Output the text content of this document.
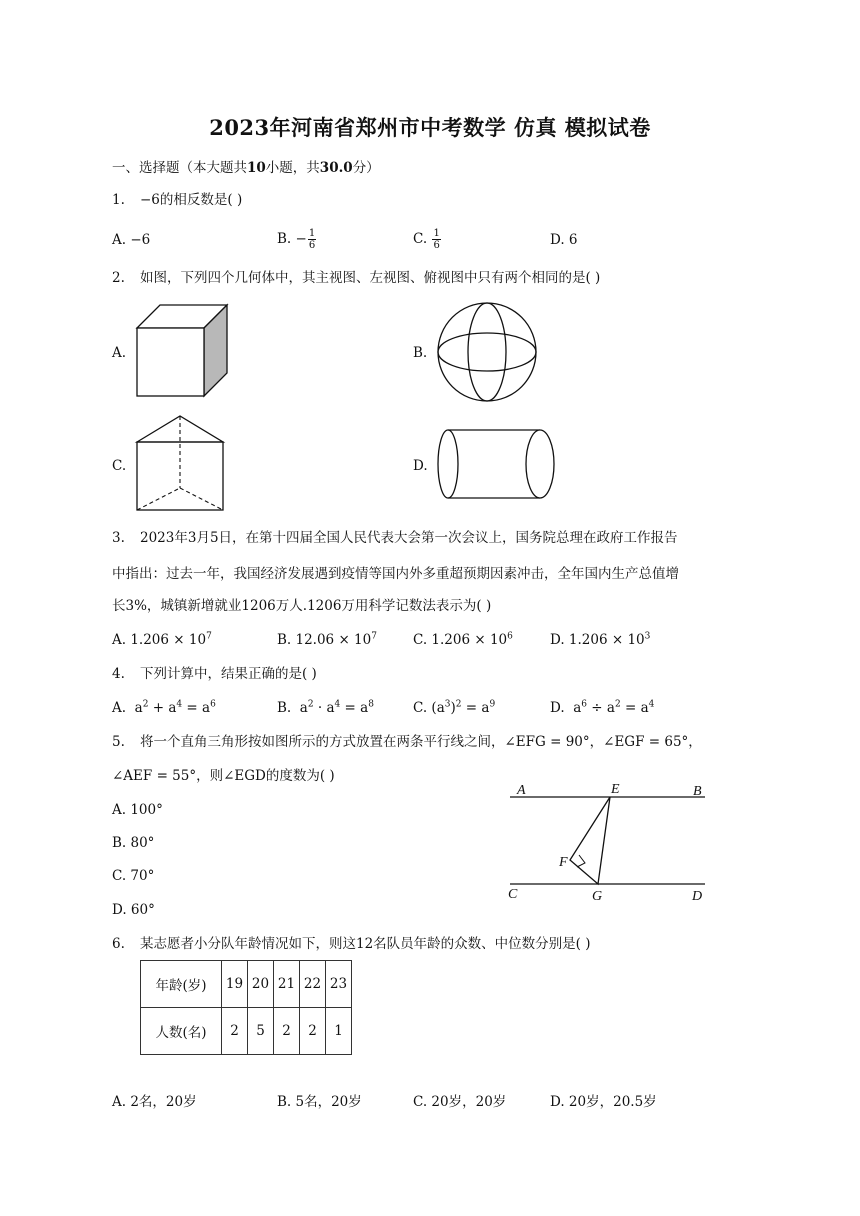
2023年河南省郑州市中考数学 仿真 模拟试卷
一、选择题（本大题共10小题，共30.0分）
1. −6的相反数是( )
A. −6	B. − $\frac{1}{6}$	C. $\frac{1}{6}$	D. 6
2. 如图，下列四个几何体中，其主视图、左视图、俯视图中只有两个相同的是( )
A.	B.
C.	D.
3. 2023年3月5日，在第十四届全国人民代表大会第一次会议上，国务院总理在政府工作报告
中指出：过去一年，我国经济发展遇到疫情等国内外多重超预期因素冲击，全年国内生产总值增
长3%，城镇新增就业1206万人.1206万用科学记数法表示为( )
A. $1.206 \times 10^7$	B. $12.06 \times 10^7$	C. $1.206 \times 10^6$	D. $1.206 \times 10^3$
4. 下列计算中，结果正确的是( )
A.  $a^2 + a^4 = a^6$	B.  $a^2 \cdot a^4 = a^8$	C. $(a^3)^2 = a^9$	D.  $a^6 \div a^2 = a^4$
5. 将一个直角三角形按如图所示的方式放置在两条平行线之间，∠EFG = 90°，∠EGF = 65°，
∠AEF = 55°，则∠EGD的度数为( )
A. 100°
B. 80°
C. 70°
D. 60°
A	E	B
F
C	G	D
6. 某志愿者小分队年龄情况如下，则这12名队员年龄的众数、中位数分别是( )
年龄(岁)	19	20	21	22	23
人数(名)	2	5	2	2	1
A. 2名，20岁	B. 5名，20岁	C. 20岁，20岁	D. 20岁，20.5岁
